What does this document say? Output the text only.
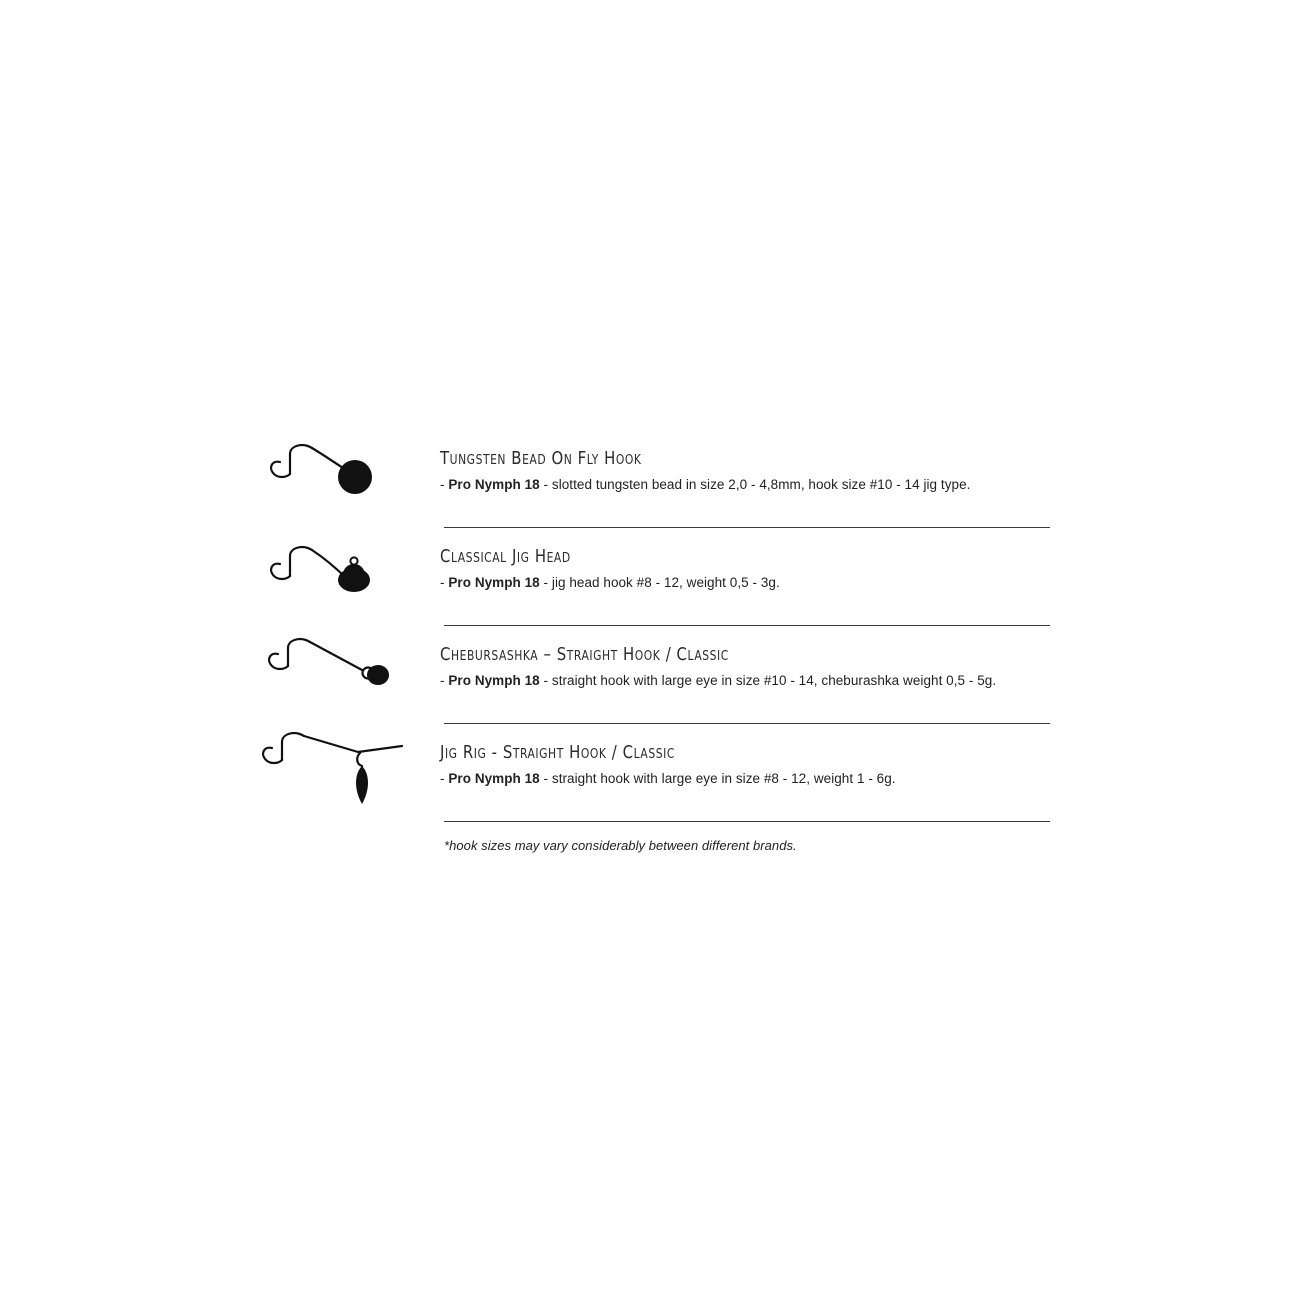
Tungsten Bead On Fly Hook
- Pro Nymph 18 - slotted tungsten bead in size 2,0 - 4,8mm, hook size #10 - 14 jig type.
Classical Jig Head
- Pro Nymph 18 - jig head hook #8 - 12, weight 0,5 - 3g.
Chebursashka – Straight Hook / Classic
- Pro Nymph 18 - straight hook with large eye in size #10 - 14, cheburashka weight 0,5 - 5g.
Jig Rig - Straight Hook / Classic
- Pro Nymph 18 - straight hook with large eye in size #8 - 12, weight 1 - 6g.
*hook sizes may vary considerably between different brands.
